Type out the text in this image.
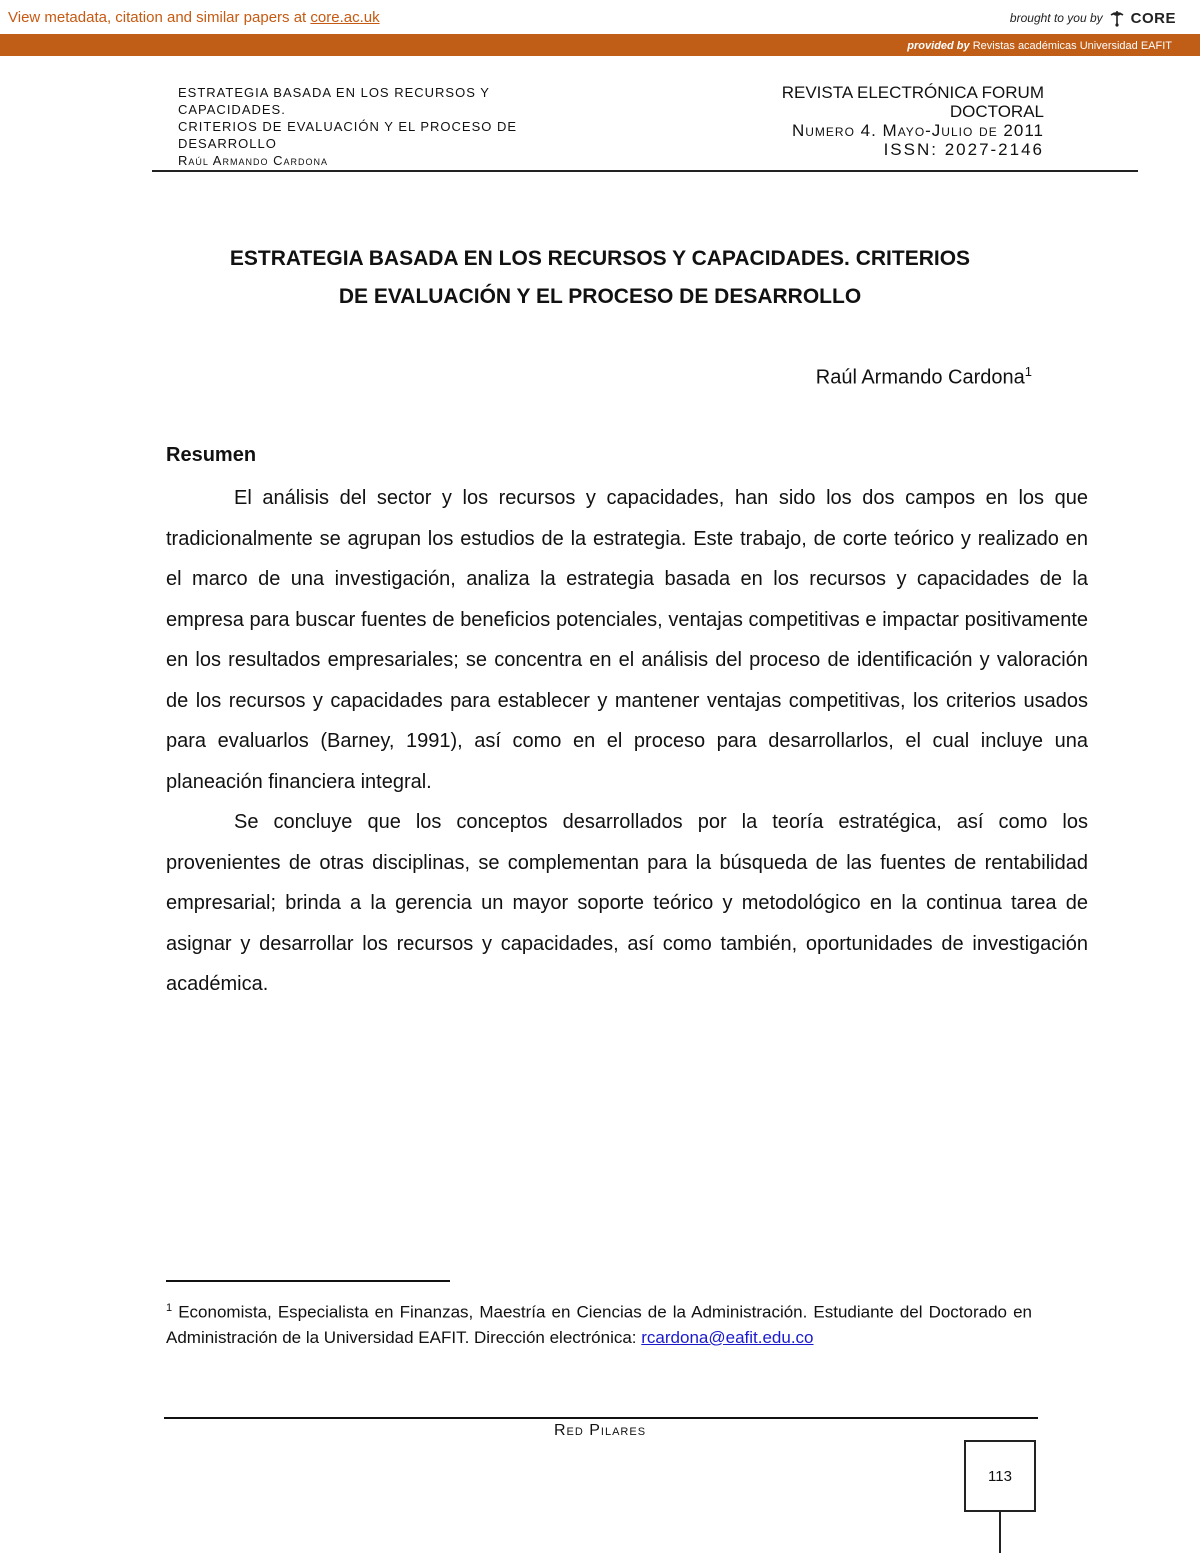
View metadata, citation and similar papers at core.ac.uk	brought to you by CORE
provided by Revistas académicas Universidad EAFIT
ESTRATEGIA BASADA EN LOS RECURSOS Y
CAPACIDADES.
CRITERIOS DE EVALUACIÓN Y EL PROCESO DE
DESARROLLO
Raúl Armando Cardona
REVISTA ELECTRÓNICA FORUM
DOCTORAL
Numero 4. Mayo-Julio de 2011
ISSN: 2027-2146
ESTRATEGIA BASADA EN LOS RECURSOS Y CAPACIDADES. CRITERIOS
DE EVALUACIÓN Y EL PROCESO DE DESARROLLO
Raúl Armando Cardona$^1$
Resumen

El análisis del sector y los recursos y capacidades, han sido los dos campos en los que tradicionalmente se agrupan los estudios de la estrategia. Este trabajo, de corte teórico y realizado en el marco de una investigación, analiza la estrategia basada en los recursos y capacidades de la empresa para buscar fuentes de beneficios potenciales, ventajas competitivas e impactar positivamente en los resultados empresariales; se concentra en el análisis del proceso de identificación y valoración de los recursos y capacidades para establecer y mantener ventajas competitivas, los criterios usados para evaluarlos (Barney, 1991), así como en el proceso para desarrollarlos, el cual incluye una planeación financiera integral.

Se concluye que los conceptos desarrollados por la teoría estratégica, así como los provenientes de otras disciplinas, se complementan para la búsqueda de las fuentes de rentabilidad empresarial; brinda a la gerencia un mayor soporte teórico y metodológico en la continua tarea de asignar y desarrollar los recursos y capacidades, así como también, oportunidades de investigación académica.

$^1$ Economista, Especialista en Finanzas, Maestría en Ciencias de la Administración. Estudiante del Doctorado en Administración de la Universidad EAFIT. Dirección electrónica: rcardona@eafit.edu.co
Red Pilares
113
